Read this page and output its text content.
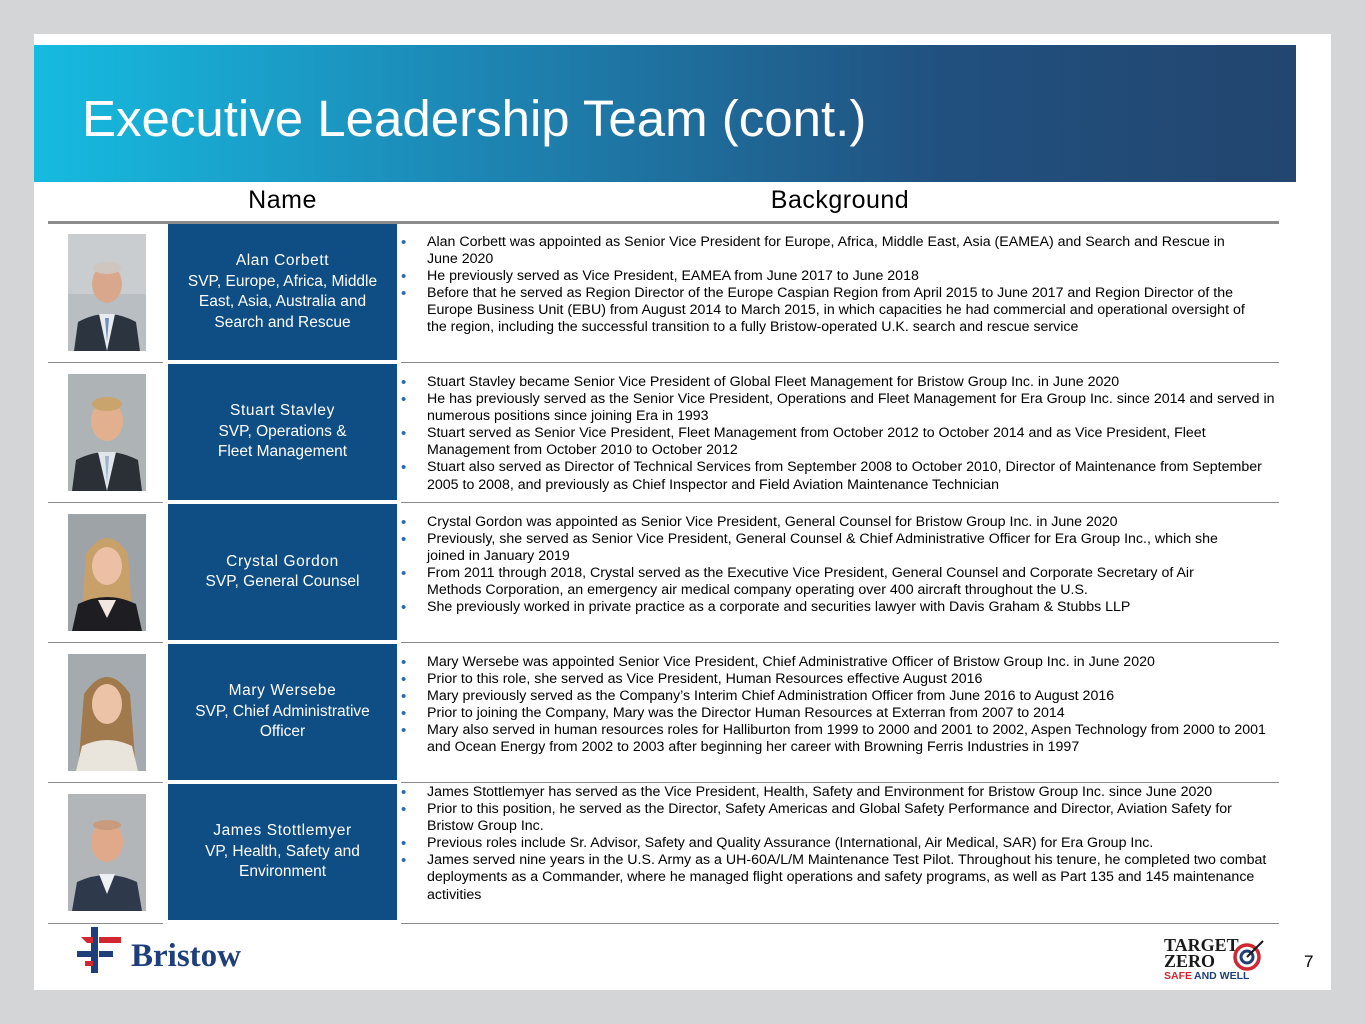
Executive Leadership Team (cont.)
Name	Background
Alan Corbett
SVP, Europe, Africa, Middle East, Asia, Australia and Search and Rescue
• Alan Corbett was appointed as Senior Vice President for Europe, Africa, Middle East, Asia (EAMEA) and Search and Rescue in June 2020
• He previously served as Vice President, EAMEA from June 2017 to June 2018
• Before that he served as Region Director of the Europe Caspian Region from April 2015 to June 2017 and Region Director of the Europe Business Unit (EBU) from August 2014 to March 2015, in which capacities he had commercial and operational oversight of the region, including the successful transition to a fully Bristow-operated U.K. search and rescue service
Stuart Stavley
SVP, Operations & Fleet Management
• Stuart Stavley became Senior Vice President of Global Fleet Management for Bristow Group Inc. in June 2020
• He has previously served as the Senior Vice President, Operations and Fleet Management for Era Group Inc. since 2014 and served in numerous positions since joining Era in 1993
• Stuart served as Senior Vice President, Fleet Management from October 2012 to October 2014 and as Vice President, Fleet Management from October 2010 to October 2012
• Stuart also served as Director of Technical Services from September 2008 to October 2010, Director of Maintenance from September 2005 to 2008, and previously as Chief Inspector and Field Aviation Maintenance Technician
Crystal Gordon
SVP, General Counsel
• Crystal Gordon was appointed as Senior Vice President, General Counsel for Bristow Group Inc. in June 2020
• Previously, she served as Senior Vice President, General Counsel & Chief Administrative Officer for Era Group Inc., which she joined in January 2019
• From 2011 through 2018, Crystal served as the Executive Vice President, General Counsel and Corporate Secretary of Air Methods Corporation, an emergency air medical company operating over 400 aircraft throughout the U.S.
• She previously worked in private practice as a corporate and securities lawyer with Davis Graham & Stubbs LLP
Mary Wersebe
SVP, Chief Administrative Officer
• Mary Wersebe was appointed Senior Vice President, Chief Administrative Officer of Bristow Group Inc. in June 2020
• Prior to this role, she served as Vice President, Human Resources effective August 2016
• Mary previously served as the Company’s Interim Chief Administration Officer from June 2016 to August 2016
• Prior to joining the Company, Mary was the Director Human Resources at Exterran from 2007 to 2014
• Mary also served in human resources roles for Halliburton from 1999 to 2000 and 2001 to 2002, Aspen Technology from 2000 to 2001 and Ocean Energy from 2002 to 2003 after beginning her career with Browning Ferris Industries in 1997
James Stottlemyer
VP, Health, Safety and Environment
• James Stottlemyer has served as the Vice President, Health, Safety and Environment for Bristow Group Inc. since June 2020
• Prior to this position, he served as the Director, Safety Americas and Global Safety Performance and Director, Aviation Safety for Bristow Group Inc.
• Previous roles include Sr. Advisor, Safety and Quality Assurance (International, Air Medical, SAR) for Era Group Inc.
• James served nine years in the U.S. Army as a UH-60A/L/M Maintenance Test Pilot. Throughout his tenure, he completed two combat deployments as a Commander, where he managed flight operations and safety programs, as well as Part 135 and 145 maintenance activities
Bristow	TARGET
ZERO
SAFE AND WELL
7
